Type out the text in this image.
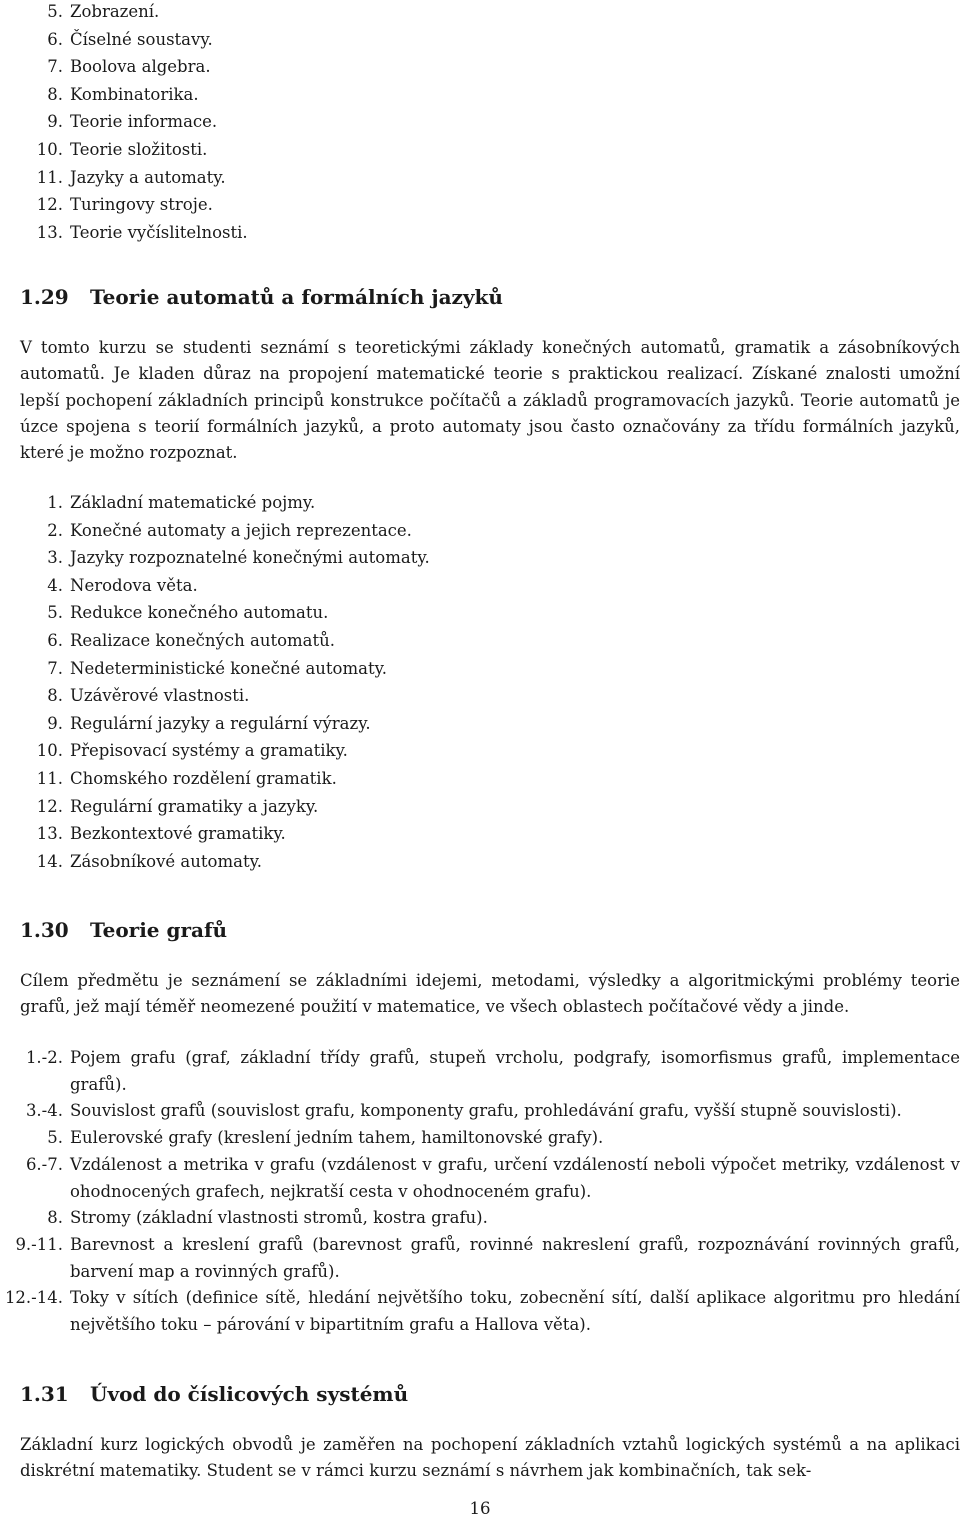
5. Zobrazení.
6. Číselné soustavy.
7. Boolova algebra.
8. Kombinatorika.
9. Teorie informace.
10. Teorie složitosti.
11. Jazyky a automaty.
12. Turingovy stroje.
13. Teorie vyčíslitelnosti.
1.29 Teorie automatů a formálních jazyků
V tomto kurzu se studenti seznámí s teoretickými základy konečných automatů, gramatik a zásobníkových automatů. Je kladen důraz na propojení matematické teorie s praktickou realizací. Získané znalosti umožní lepší pochopení základních principů konstrukce počítačů a základů programovacích jazyků. Teorie automatů je úzce spojena s teorií formálních jazyků, a proto automaty jsou často označovány za třídu formálních jazyků, které je možno rozpoznat.
1. Základní matematické pojmy.
2. Konečné automaty a jejich reprezentace.
3. Jazyky rozpoznatelné konečnými automaty.
4. Nerodova věta.
5. Redukce konečného automatu.
6. Realizace konečných automatů.
7. Nedeterministické konečné automaty.
8. Uzávěrové vlastnosti.
9. Regulární jazyky a regulární výrazy.
10. Přepisovací systémy a gramatiky.
11. Chomského rozdělení gramatik.
12. Regulární gramatiky a jazyky.
13. Bezkontextové gramatiky.
14. Zásobníkové automaty.
1.30 Teorie grafů
Cílem předmětu je seznámení se základními idejemi, metodami, výsledky a algoritmickými problémy teorie grafů, jež mají téměř neomezené použití v matematice, ve všech oblastech počítačové vědy a jinde.
1.-2. Pojem grafu (graf, základní třídy grafů, stupeň vrcholu, podgrafy, isomorfismus grafů, implementace grafů).
3.-4. Souvislost grafů (souvislost grafu, komponenty grafu, prohledávání grafu, vyšší stupně souvislosti).
5. Eulerovské grafy (kreslení jedním tahem, hamiltonovské grafy).
6.-7. Vzdálenost a metrika v grafu (vzdálenost v grafu, určení vzdáleností neboli výpočet metriky, vzdálenost v ohodnocených grafech, nejkratší cesta v ohodnoceném grafu).
8. Stromy (základní vlastnosti stromů, kostra grafu).
9.-11. Barevnost a kreslení grafů (barevnost grafů, rovinné nakreslení grafů, rozpoznávání rovinných grafů, barvení map a rovinných grafů).
12.-14. Toky v sítích (definice sítě, hledání největšího toku, zobecnění sítí, další aplikace algoritmu pro hledání největšího toku – párování v bipartitním grafu a Hallova věta).
1.31 Úvod do číslicových systémů
Základní kurz logických obvodů je zaměřen na pochopení základních vztahů logických systémů a na aplikaci diskrétní matematiky. Student se v rámci kurzu seznámí s návrhem jak kombinačních, tak sek-
16
